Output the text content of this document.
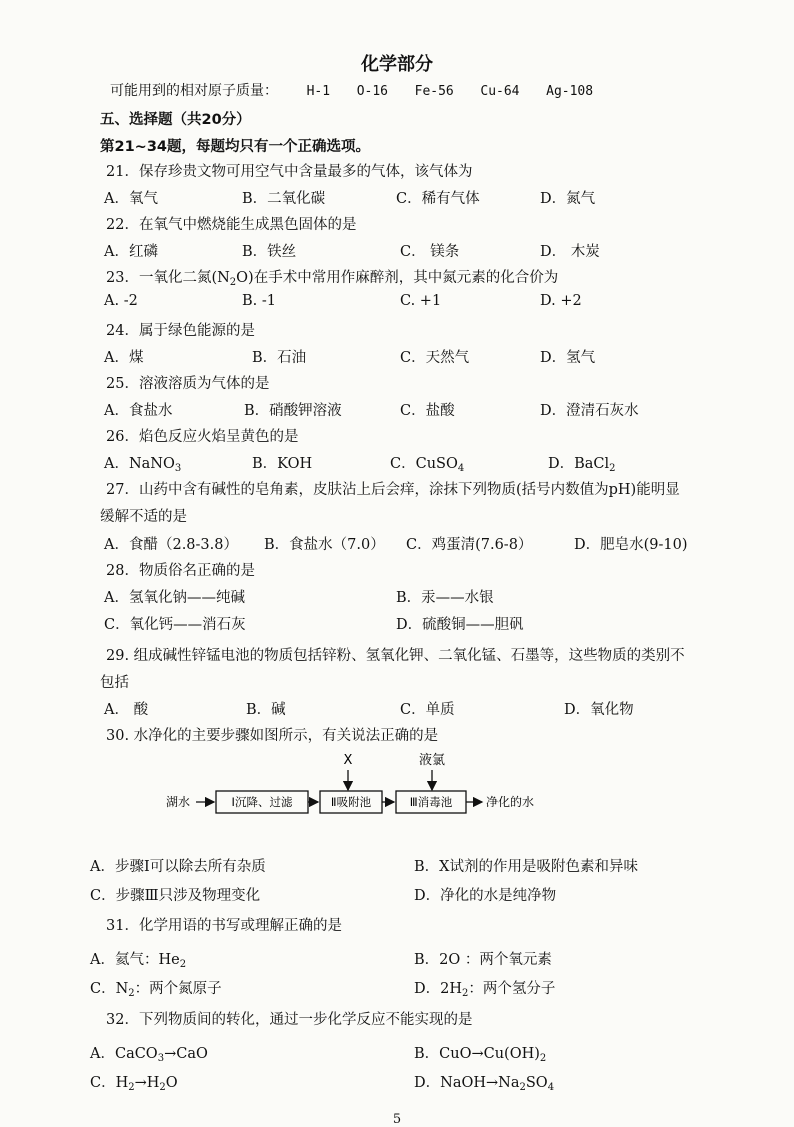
化学部分
可能用到的相对原子质量： H-1 O-16 Fe-56 Cu-64 Ag-108
五、选择题（共20分）
第21~34题，每题均只有一个正确选项。
21．保存珍贵文物可用空气中含量最多的气体，该气体为
A．氧气	B．二氧化碳	C．稀有气体	D．氮气
22．在氧气中燃烧能生成黑色固体的是
A．红磷	B．铁丝	C． 镁条	D． 木炭
23．一氧化二氮$(N_2O)$在手术中常用作麻醉剂，其中氮元素的化合价为
A. -2	B. -1	C. +1	D. +2
24．属于绿色能源的是
A．煤	B．石油	C．天然气	D．氢气
25．溶液溶质为气体的是
A．食盐水	B．硝酸钾溶液	C．盐酸	D．澄清石灰水
26．焰色反应火焰呈黄色的是
A．NaNO$_3$	B．KOH	C．CuSO$_4$	D．BaCl$_2$
27．山药中含有碱性的皂角素，皮肤沾上后会痒，涂抹下列物质(括号内数值为pH)能明显
缓解不适的是
A．食醋（2.8-3.8） B．食盐水（7.0） C．鸡蛋清(7.6-8）	D．肥皂水(9-10)
28．物质俗名正确的是
A．氢氧化钠——纯碱	B．汞——水银
C．氧化钙——消石灰	D．硫酸铜——胆矾
29. 组成碱性锌锰电池的物质包括锌粉、氢氧化钾、二氧化锰、石墨等，这些物质的类别不
包括
A． 酸	B．碱	C．单质	D．氧化物
30. 水净化的主要步骤如图所示，有关说法正确的是
X	液氯
湖水	Ⅰ沉降、过滤	Ⅱ吸附池	Ⅲ消毒池	净化的水
A．步骤Ⅰ可以除去所有杂质	B．X试剂的作用是吸附色素和异味
C．步骤Ⅲ只涉及物理变化	D．净化的水是纯净物
31．化学用语的书写或理解正确的是
A．氦气：$He_2$	B．2O ：两个氧元素
C．$N_2$：两个氮原子	D．$2H_2$：两个氢分子
32．下列物质间的转化，通过一步化学反应不能实现的是
A．CaCO$_3$→CaO	B．$CuO\to Cu(OH)_2$
C．$H_2\to H_2O$	D．$NaOH\to Na_2SO_4$
5
